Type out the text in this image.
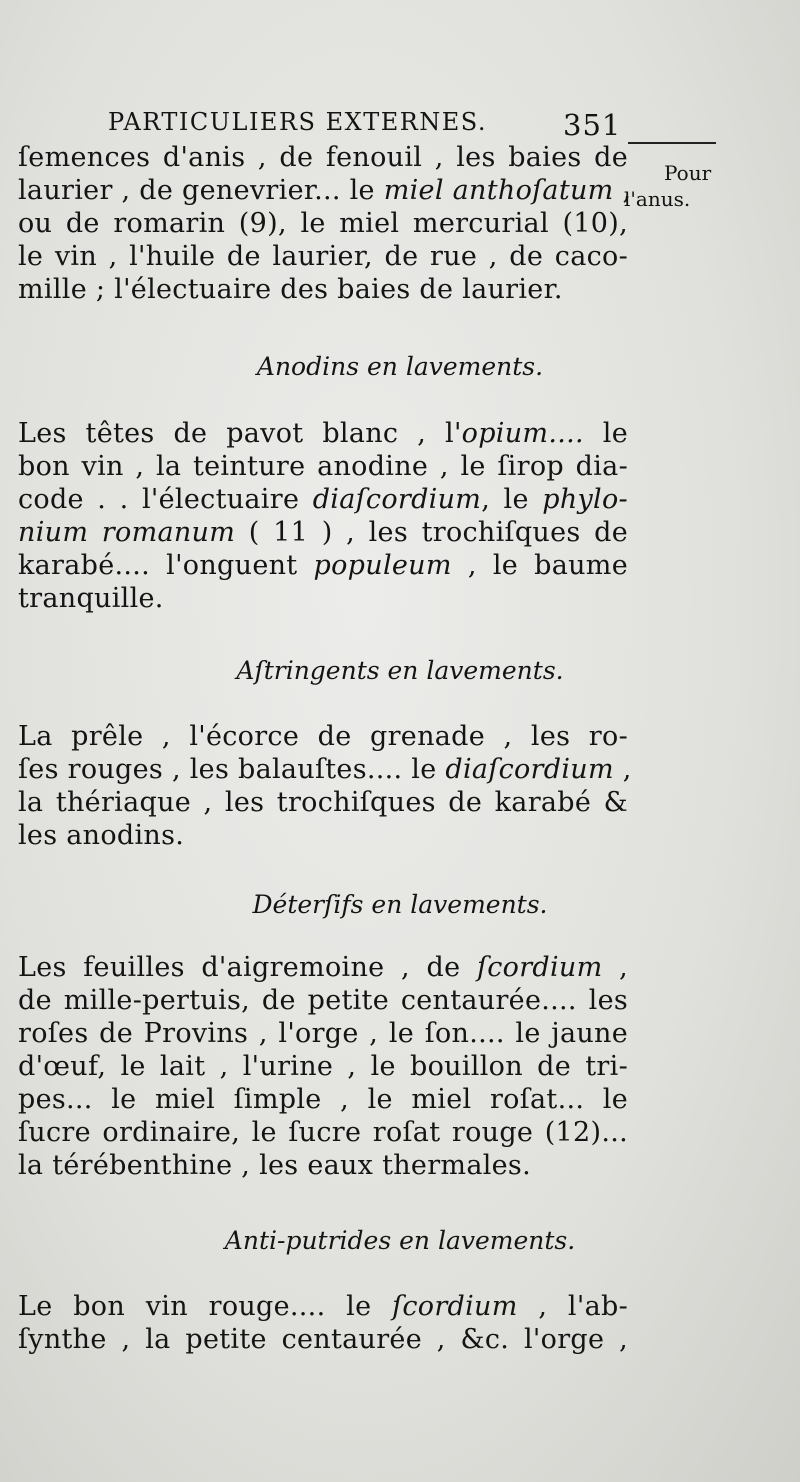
PARTICULIERS EXTERNES.	351
Pour
l'anus.
ſemences d'anis , de fenouil , les baies de
laurier , de genevrier... le miel anthoſatum ,
ou de romarin (9), le miel mercurial (10),
le vin , l'huile de laurier, de rue , de caco-
mille ; l'électuaire des baies de laurier.
Anodins en lavements.
Les têtes de pavot blanc , l'opium.... le
bon vin , la teinture anodine , le ſirop dia-
code . . l'électuaire diaſcordium, le phylo-
nium romanum ( 11 ) , les trochiſques de
karabé.... l'onguent populeum , le baume
tranquille.
Aſtringents en lavements.
La prêle , l'écorce de grenade , les ro-
ſes rouges , les balauſtes.... le diaſcordium ,
la thériaque , les trochiſques de karabé &
les anodins.
Déterſifs en lavements.
Les feuilles d'aigremoine , de ſcordium ,
de mille-pertuis, de petite centaurée.... les
roſes de Provins , l'orge , le ſon.... le jaune
d'œuf, le lait , l'urine , le bouillon de tri-
pes... le miel ſimple , le miel roſat... le
ſucre ordinaire, le ſucre roſat rouge (12)...
la térébenthine , les eaux thermales.
Anti-putrides en lavements.
Le bon vin rouge.... le ſcordium , l'ab-
ſynthe , la petite centaurée , &c. l'orge ,
